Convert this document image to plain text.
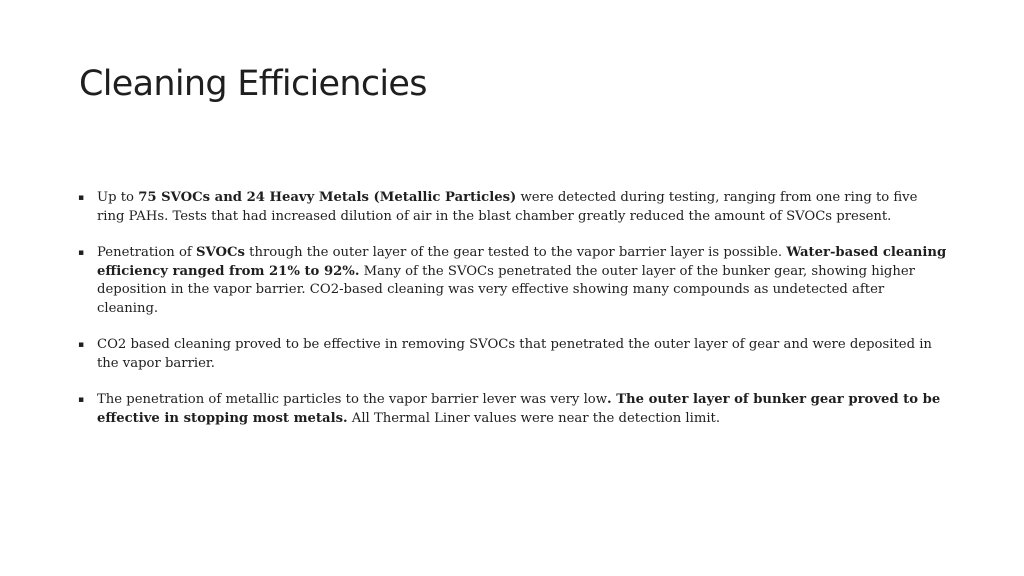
Cleaning Efficiencies
▪ Up to 75 SVOCs and 24 Heavy Metals (Metallic Particles) were detected during testing, ranging from one ring to five ring PAHs. Tests that had increased dilution of air in the blast chamber greatly reduced the amount of SVOCs present.
▪ Penetration of SVOCs through the outer layer of the gear tested to the vapor barrier layer is possible. Water-based cleaning efficiency ranged from 21% to 92%. Many of the SVOCs penetrated the outer layer of the bunker gear, showing higher deposition in the vapor barrier. CO2-based cleaning was very effective showing many compounds as undetected after cleaning.
▪ CO2 based cleaning proved to be effective in removing SVOCs that penetrated the outer layer of gear and were deposited in the vapor barrier.
▪ The penetration of metallic particles to the vapor barrier lever was very low. The outer layer of bunker gear proved to be effective in stopping most metals. All Thermal Liner values were near the detection limit.
